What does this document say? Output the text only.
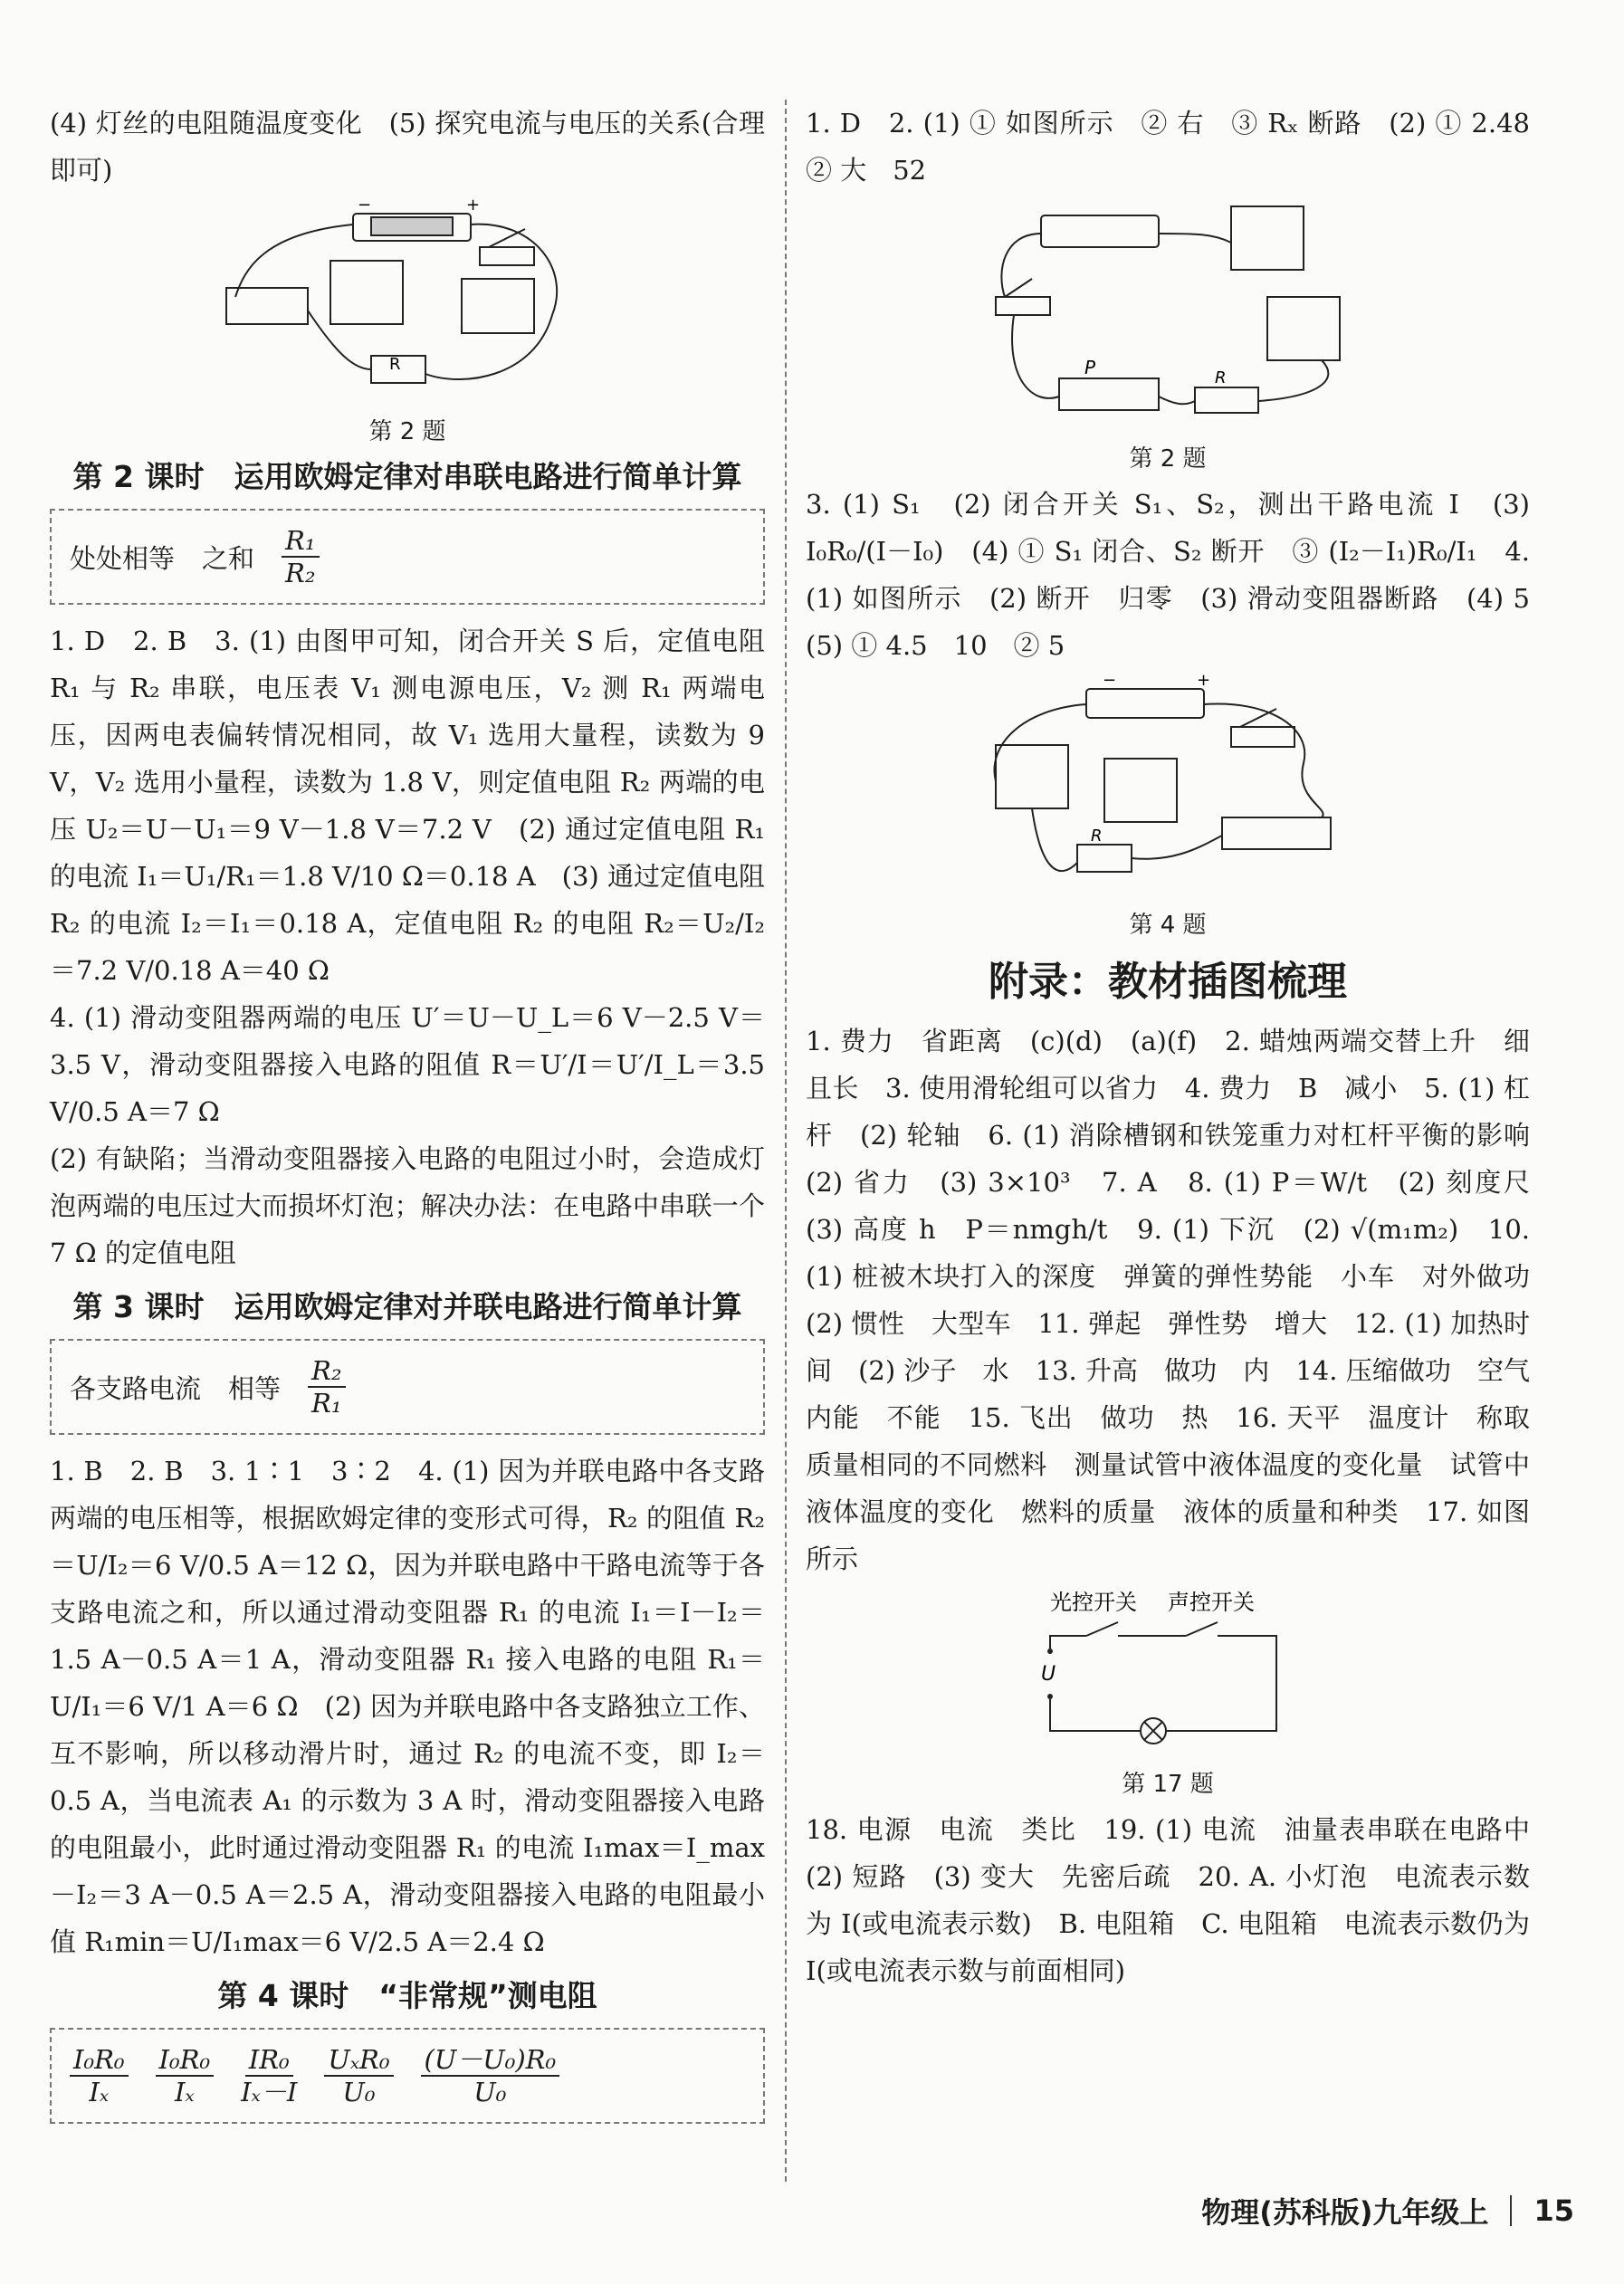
(4) 灯丝的电阻随温度变化　(5) 探究电流与电压的关系(合理即可)

R
−	+

第 2 题

第 2 课时　运用欧姆定律对串联电路进行简单计算
处处相等 之和 $\frac{\text{R₁}}{\text{R₂}}$

1. D　2. B　3. (1) 由图甲可知，闭合开关 S 后，定值电阻 R₁ 与 R₂ 串联，电压表 V₁ 测电源电压，V₂ 测 R₁ 两端电压，因两电表偏转情况相同，故 V₁ 选用大量程，读数为 9 V，V₂ 选用小量程，读数为 1.8 V，则定值电阻 R₂ 两端的电压 U₂＝U－U₁＝9 V－1.8 V＝7.2 V　(2) 通过定值电阻 R₁ 的电流 I₁＝U₁/R₁＝1.8 V/10 Ω＝0.18 A　(3) 通过定值电阻 R₂ 的电流 I₂＝I₁＝0.18 A，定值电阻 R₂ 的电阻 R₂＝U₂/I₂＝7.2 V/0.18 A＝40 Ω

4. (1) 滑动变阻器两端的电压 U′＝U－U_L＝6 V－2.5 V＝3.5 V，滑动变阻器接入电路的阻值 R＝U′/I＝U′/I_L＝3.5 V/0.5 A＝7 Ω

(2) 有缺陷；当滑动变阻器接入电路的电阻过小时，会造成灯泡两端的电压过大而损坏灯泡；解决办法：在电路中串联一个 7 Ω 的定值电阻

第 3 课时　运用欧姆定律对并联电路进行简单计算
各支路电流 相等 $\frac{\text{R₂}}{\text{R₁}}$

1. B　2. B　3. 1∶1　3∶2　4. (1) 因为并联电路中各支路两端的电压相等，根据欧姆定律的变形式可得，R₂ 的阻值 R₂＝U/I₂＝6 V/0.5 A＝12 Ω，因为并联电路中干路电流等于各支路电流之和，所以通过滑动变阻器 R₁ 的电流 I₁＝I－I₂＝1.5 A－0.5 A＝1 A，滑动变阻器 R₁ 接入电路的电阻 R₁＝U/I₁＝6 V/1 A＝6 Ω　(2) 因为并联电路中各支路独立工作、互不影响，所以移动滑片时，通过 R₂ 的电流不变，即 I₂＝0.5 A，当电流表 A₁ 的示数为 3 A 时，滑动变阻器接入电路的电阻最小，此时通过滑动变阻器 R₁ 的电流 I₁max＝I_max－I₂＝3 A－0.5 A＝2.5 A，滑动变阻器接入电路的电阻最小值 R₁min＝U/I₁max＝6 V/2.5 A＝2.4 Ω

第 4 课时　“非常规”测电阻
$\frac{\text{I₀R₀}}{\text{Iₓ}} \frac{\text{I₀R₀}}{\text{Iₓ}} \frac{\text{IR₀}}{\text{Iₓ－I}} \frac{\text{UₓR₀}}{\text{U₀}} \frac{\text{(U－U₀)R₀}}{\text{U₀}}$

1. D　2. (1) ① 如图所示　② 右　③ Rₓ 断路　(2) ① 2.48　② 大　52

P	R

第 2 题

3. (1) S₁　(2) 闭合开关 S₁、S₂，测出干路电流 I　(3) I₀R₀/(I－I₀)　(4) ① S₁ 闭合、S₂ 断开　③ (I₂－I₁)R₀/I₁　4. (1) 如图所示　(2) 断开　归零　(3) 滑动变阻器断路　(4) 5　(5) ① 4.5　10　② 5

R
−	+

第 4 题

附录：教材插图梳理

1. 费力　省距离　(c)(d)　(a)(f)　2. 蜡烛两端交替上升　细且长　3. 使用滑轮组可以省力　4. 费力　B　减小　5. (1) 杠杆　(2) 轮轴　6. (1) 消除槽钢和铁笼重力对杠杆平衡的影响　(2) 省力　(3) 3×10³　7. A　8. (1) P＝W/t　(2) 刻度尺　(3) 高度 h　P＝nmgh/t　9. (1) 下沉　(2) √(m₁m₂)　10. (1) 桩被木块打入的深度　弹簧的弹性势能　小车　对外做功　(2) 惯性　大型车　11. 弹起　弹性势　增大　12. (1) 加热时间　(2) 沙子　水　13. 升高　做功　内　14. 压缩做功　空气内能　不能　15. 飞出　做功　热　16. 天平　温度计　称取质量相同的不同燃料　测量试管中液体温度的变化量　试管中液体温度的变化　燃料的质量　液体的质量和种类　17. 如图所示

光控开关 声控开关
U

第 17 题

18. 电源　电流　类比　19. (1) 电流　油量表串联在电路中　(2) 短路　(3) 变大　先密后疏　20. A. 小灯泡　电流表示数为 I(或电流表示数)　B. 电阻箱　C. 电阻箱　电流表示数仍为 I(或电流表示数与前面相同)

物理(苏科版)九年级上 15
